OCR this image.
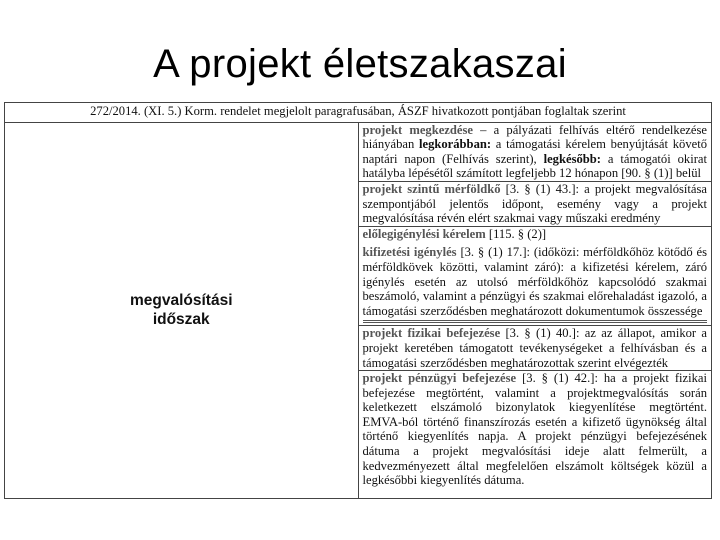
A projekt életszakaszai
272/2014. (XI. 5.) Korm. rendelet megjelolt paragrafusában, ÁSZF hivatkozott pontjában foglaltak szerint

megvalósítási
időszak
	projekt megkezdése – a pályázati felhívás eltérő rendelkezése hiányában legkorábban: a támogatási kérelem benyújtását követő naptári napon (Felhívás szerint), legkésőbb: a támogatói okirat hatályba lépésétől számított legfeljebb 12 hónapon [90. § (1)] belül
projekt szintű mérföldkő [3. § (1) 43.]: a projekt megvalósítása szempontjából jelentős időpont, esemény vagy a projekt megvalósítása révén elért szakmai vagy műszaki eredmény

előlegigénylési kérelem [115. § (2)]
kifizetési igénylés [3. § (1) 17.]: (időközi: mérföldkőhöz kötődő és mérföldkövek közötti, valamint záró): a kifizetési kérelem, záró igénylés esetén az utolsó mérföldkőhöz kapcsolódó szakmai beszámoló, valamint a pénzügyi és szakmai előrehaladást igazoló, a támogatási szerződésben meghatározott dokumentumok összessége

projekt fizikai befejezése [3. § (1) 40.]: az az állapot, amikor a projekt keretében támogatott tevékenységeket a felhívásban és a támogatási szerződésben meghatározottak szerint elvégezték
projekt pénzügyi befejezése [3. § (1) 42.]: ha a projekt fizikai befejezése megtörtént, valamint a projektmegvalósítás során keletkezett elszámoló bizonylatok kiegyenlítése megtörtént. EMVA-ból történő finanszírozás esetén a kifizető ügynökség által történő kiegyenlítés napja. A projekt pénzügyi befejezésének dátuma a projekt megvalósítási ideje alatt felmerült, a kedvezményezett által megfelelően elszámolt költségek közül a legkésőbbi kiegyenlítés dátuma.
